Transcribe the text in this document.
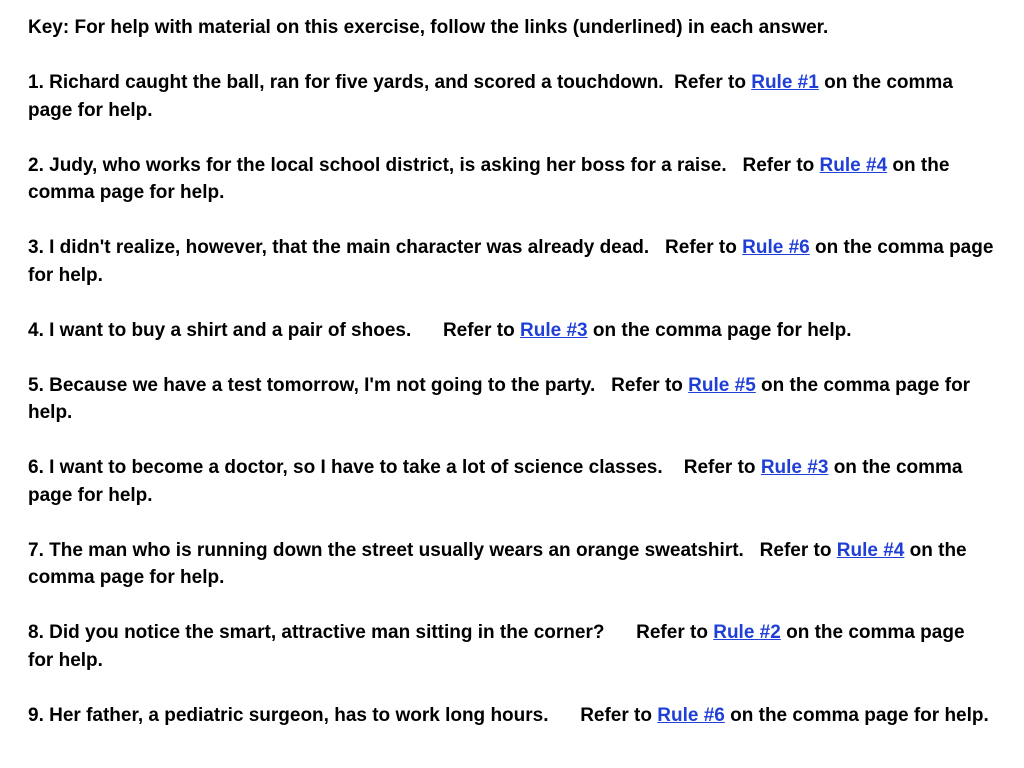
Key: For help with material on this exercise, follow the links (underlined) in each answer.

1. Richard caught the ball, ran for five yards, and scored a touchdown. Refer to Rule #1 on the comma page for help.

2. Judy, who works for the local school district, is asking her boss for a raise. Refer to Rule #4 on the comma page for help.

3. I didn't realize, however, that the main character was already dead. Refer to Rule #6 on the comma page for help.

4. I want to buy a shirt and a pair of shoes. Refer to Rule #3 on the comma page for help.

5. Because we have a test tomorrow, I'm not going to the party. Refer to Rule #5 on the comma page for help.

6. I want to become a doctor, so I have to take a lot of science classes. Refer to Rule #3 on the comma page for help.

7. The man who is running down the street usually wears an orange sweatshirt. Refer to Rule #4 on the comma page for help.

8. Did you notice the smart, attractive man sitting in the corner? Refer to Rule #2 on the comma page for help.

9. Her father, a pediatric surgeon, has to work long hours. Refer to Rule #6 on the comma page for help.
